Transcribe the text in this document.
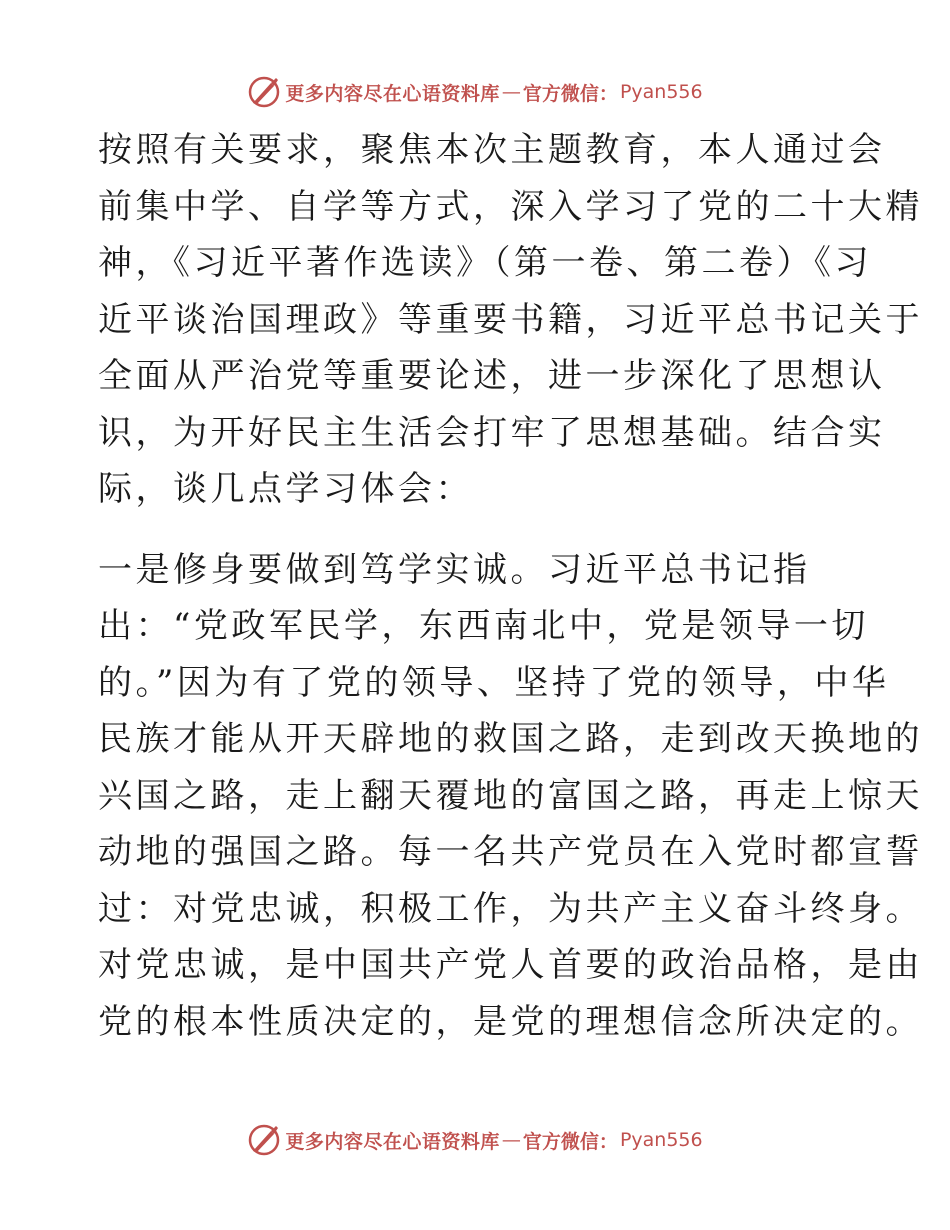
更多内容尽在心语资料库 — 官方微信： Pyan556
按照有关要求，聚焦本次主题教育，本人通过会
前集中学、自学等方式，深入学习了党的二十大精
神，《习近平著作选读》（第一卷、第二卷）《习
近平谈治国理政》等重要书籍，习近平总书记关于
全面从严治党等重要论述，进一步深化了思想认
识，为开好民主生活会打牢了思想基础。结合实
际，谈几点学习体会：
一是修身要做到笃学实诚。习近平总书记指
出：“党政军民学，东西南北中，党是领导一切
的。”因为有了党的领导、坚持了党的领导，中华
民族才能从开天辟地的救国之路，走到改天换地的
兴国之路，走上翻天覆地的富国之路，再走上惊天
动地的强国之路。每一名共产党员在入党时都宣誓
过：对党忠诚，积极工作，为共产主义奋斗终身。
对党忠诚，是中国共产党人首要的政治品格，是由
党的根本性质决定的，是党的理想信念所决定的。
更多内容尽在心语资料库 — 官方微信： Pyan556
